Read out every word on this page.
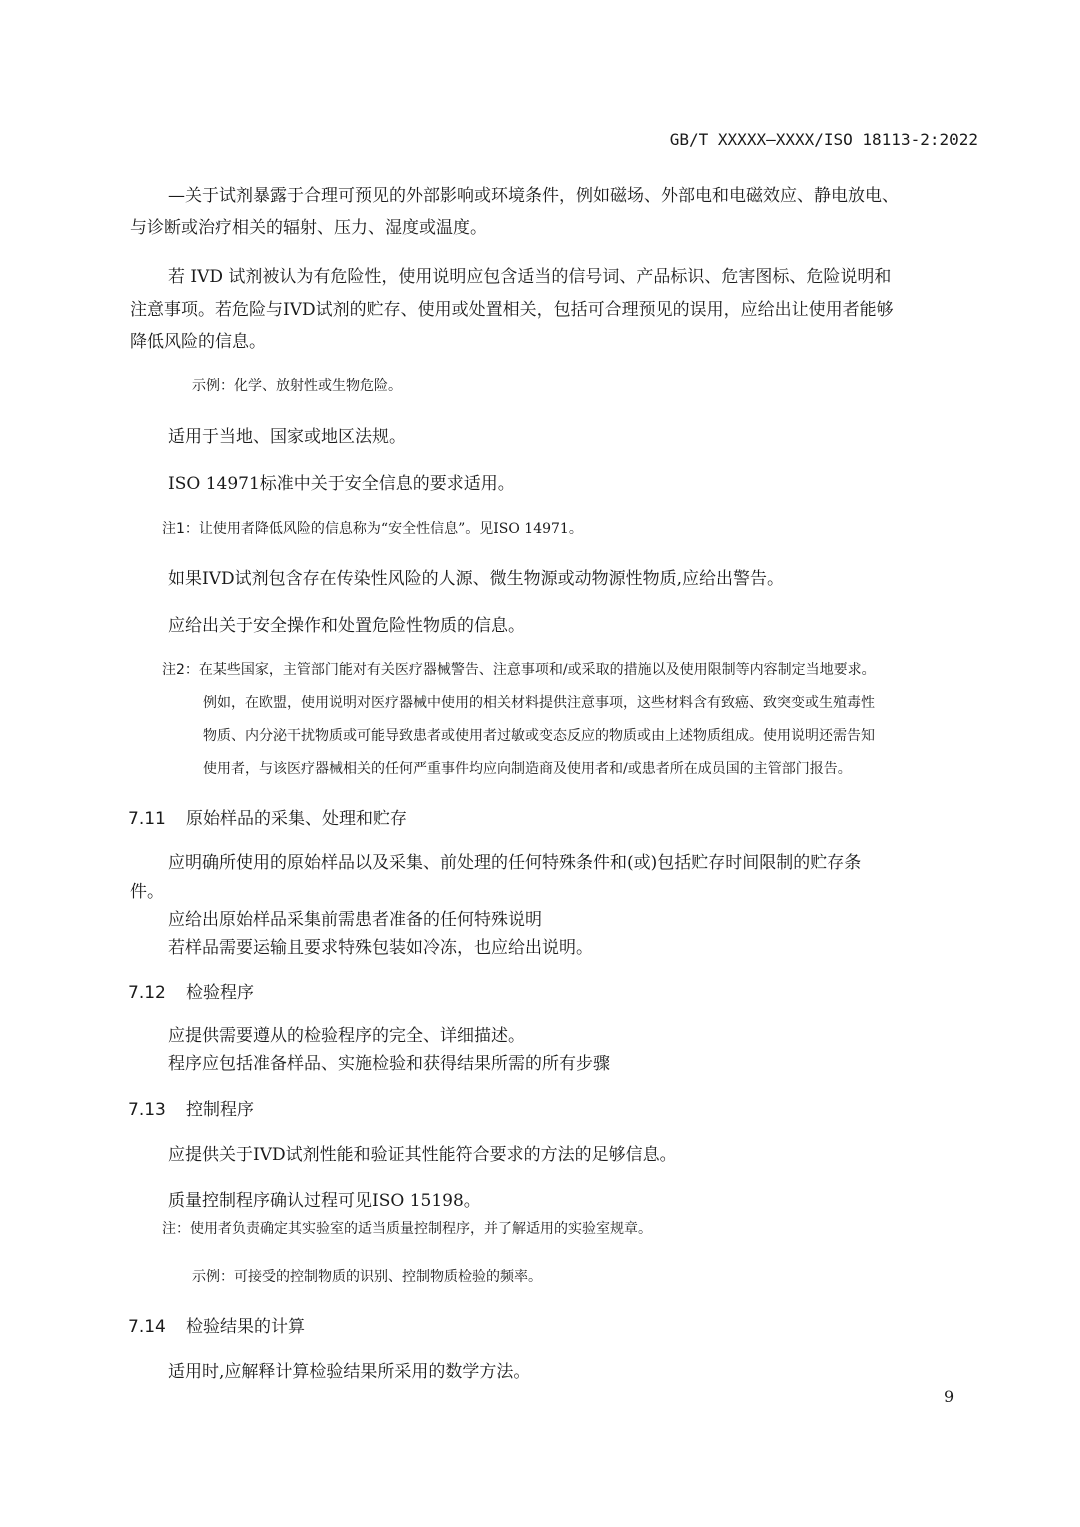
GB/T XXXXX—XXXX/ISO 18113-2:2022

—关于试剂暴露于合理可预见的外部影响或环境条件，例如磁场、外部电和电磁效应、静电放电、

与诊断或治疗相关的辐射、压力、湿度或温度。

若 IVD 试剂被认为有危险性，使用说明应包含适当的信号词、产品标识、危害图标、危险说明和

注意事项。若危险与IVD试剂的贮存、使用或处置相关，包括可合理预见的误用，应给出让使用者能够

降低风险的信息。

示例：化学、放射性或生物危险。

适用于当地、国家或地区法规。

ISO 14971标准中关于安全信息的要求适用。

注1：让使用者降低风险的信息称为“安全性信息”。见ISO 14971。

如果IVD试剂包含存在传染性风险的人源、微生物源或动物源性物质,应给出警告。

应给出关于安全操作和处置危险性物质的信息。

注2：在某些国家，主管部门能对有关医疗器械警告、注意事项和/或采取的措施以及使用限制等内容制定当地要求。

例如，在欧盟，使用说明对医疗器械中使用的相关材料提供注意事项，这些材料含有致癌、致突变或生殖毒性

物质、内分泌干扰物质或可能导致患者或使用者过敏或变态反应的物质或由上述物质组成。使用说明还需告知

使用者，与该医疗器械相关的任何严重事件均应向制造商及使用者和/或患者所在成员国的主管部门报告。

7.11 原始样品的采集、处理和贮存

应明确所使用的原始样品以及采集、前处理的任何特殊条件和(或)包括贮存时间限制的贮存条

件。

应给出原始样品采集前需患者准备的任何特殊说明

若样品需要运输且要求特殊包装如冷冻，也应给出说明。

7.12 检验程序

应提供需要遵从的检验程序的完全、详细描述。

程序应包括准备样品、实施检验和获得结果所需的所有步骤

7.13 控制程序

应提供关于IVD试剂性能和验证其性能符合要求的方法的足够信息。

质量控制程序确认过程可见ISO 15198。

注：使用者负责确定其实验室的适当质量控制程序，并了解适用的实验室规章。

示例：可接受的控制物质的识别、控制物质检验的频率。

7.14 检验结果的计算

适用时,应解释计算检验结果所采用的数学方法。

9
